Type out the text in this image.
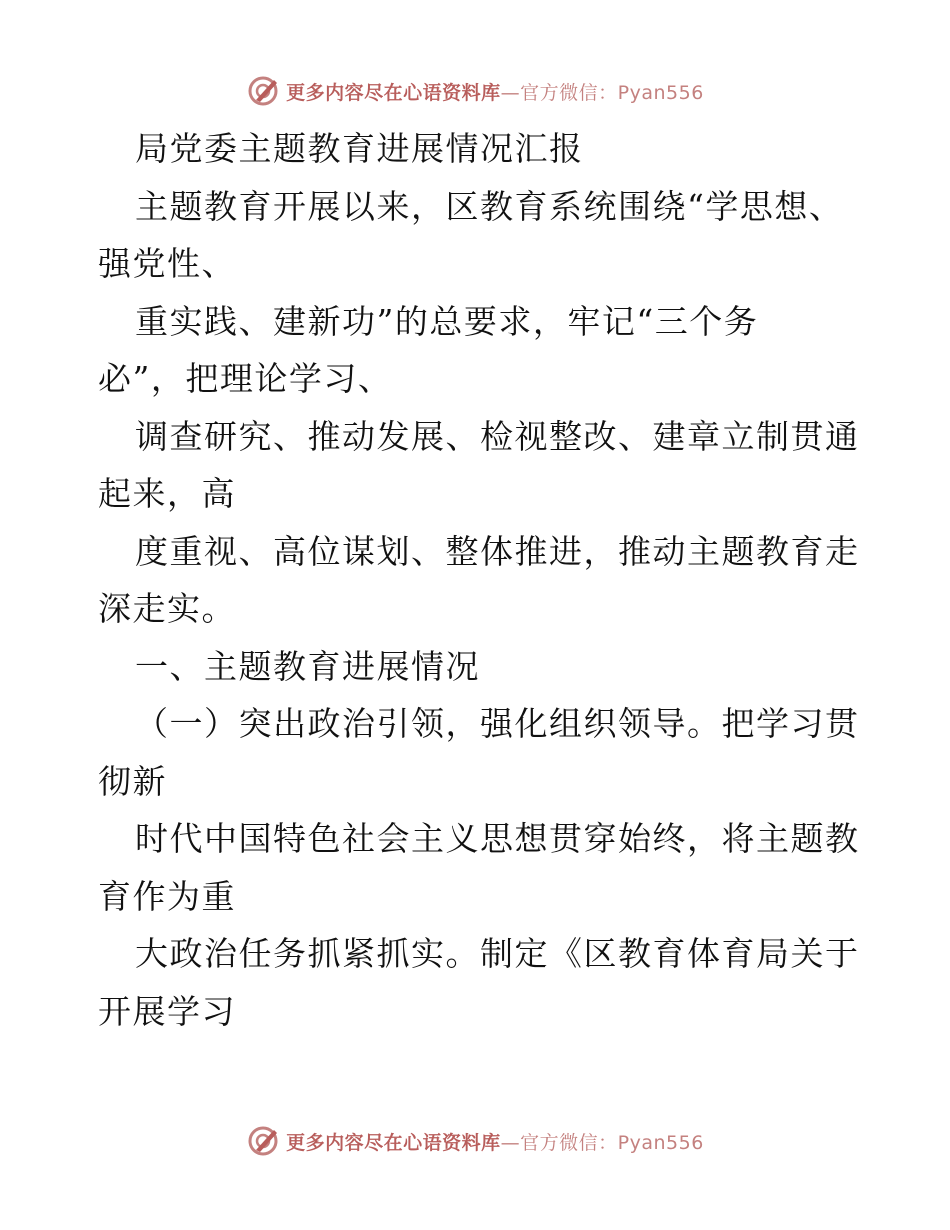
更多内容尽在心语资料库—官方微信：Pyan556
局党委主题教育进展情况汇报
主题教育开展以来，区教育系统围绕“学思想、
强党性、
重实践、建新功”的总要求，牢记“三个务
必”，把理论学习、
调查研究、推动发展、检视整改、建章立制贯通
起来，高
度重视、高位谋划、整体推进，推动主题教育走
深走实。
一、主题教育进展情况
（一）突出政治引领，强化组织领导。把学习贯
彻新
时代中国特色社会主义思想贯穿始终，将主题教
育作为重
大政治任务抓紧抓实。制定《区教育体育局关于
开展学习
更多内容尽在心语资料库—官方微信：Pyan556
